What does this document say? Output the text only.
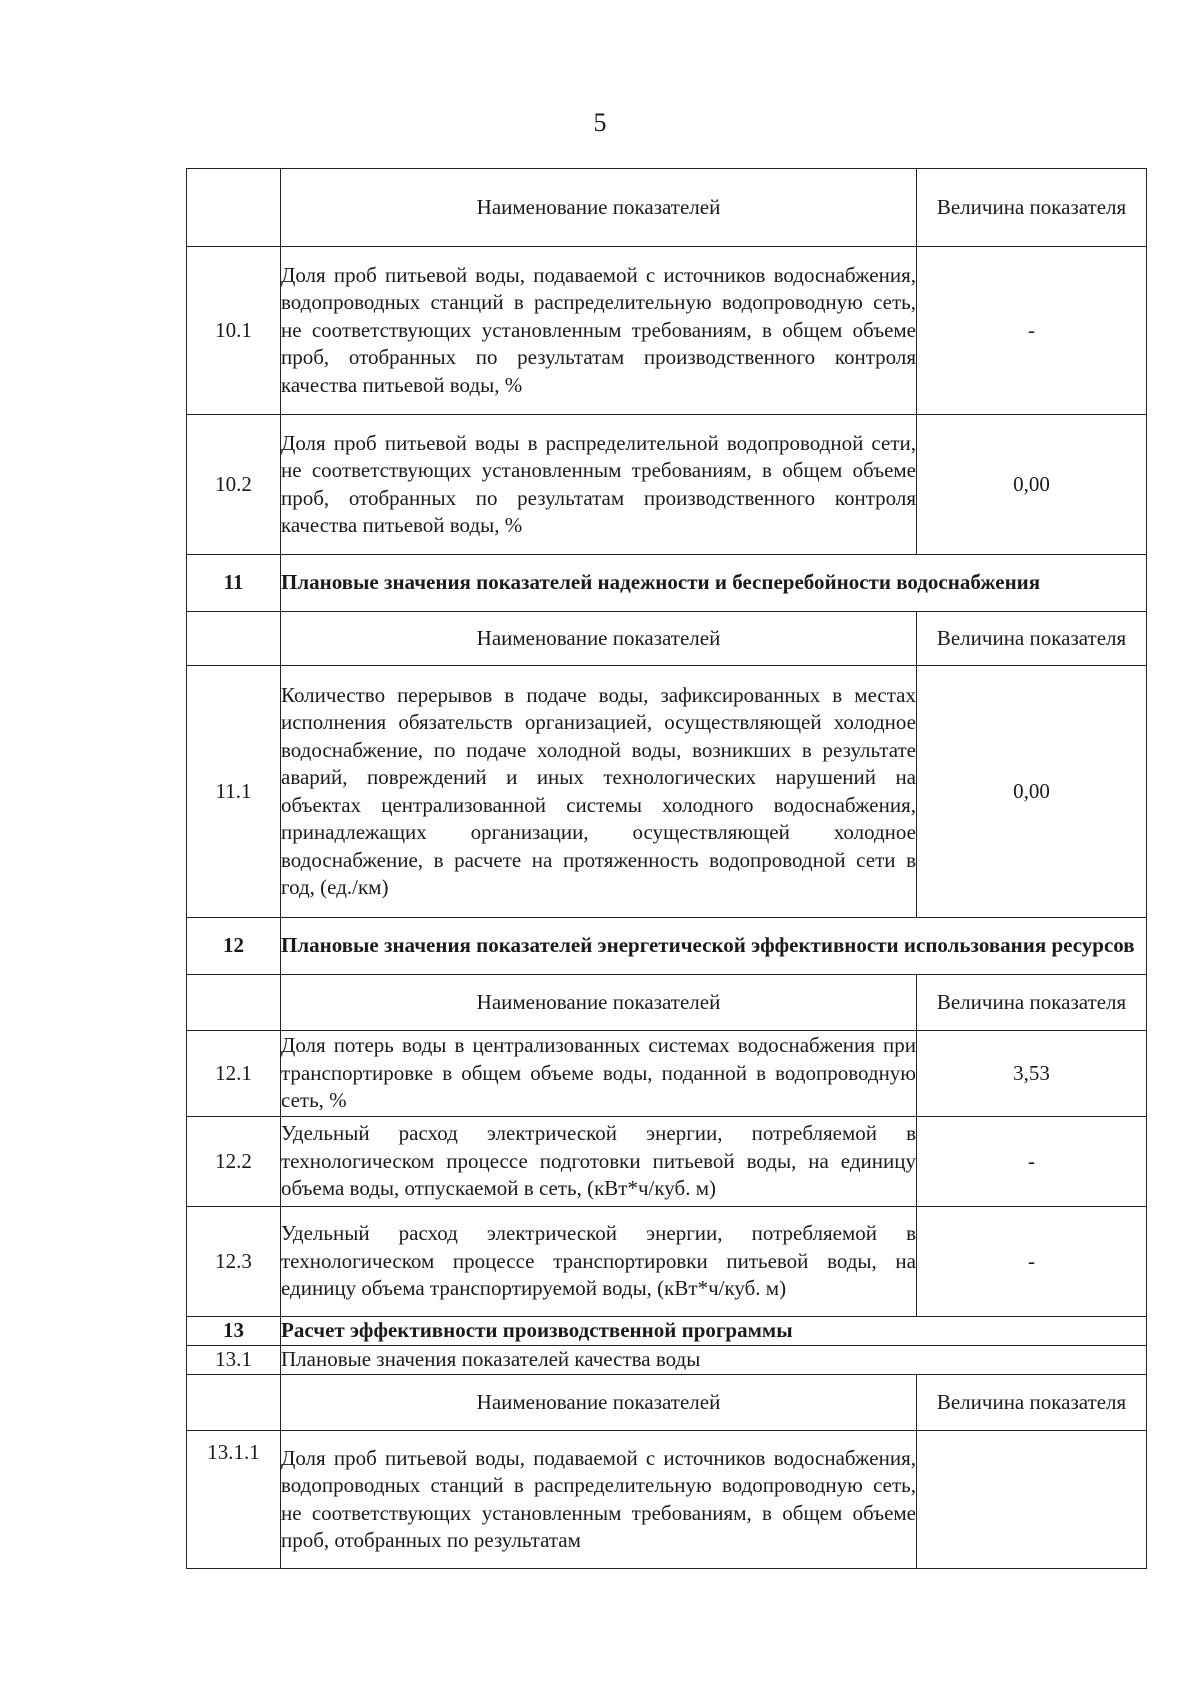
5
	Наименование показателей	Величина показателя
10.1	Доля проб питьевой воды, подаваемой с источников водоснабжения, водопроводных станций в распределительную водопроводную сеть, не соответствующих установленным требованиям, в общем объеме проб, отобранных по результатам производственного контроля качества питьевой воды, %	-
10.2	Доля проб питьевой воды в распределительной водопроводной сети, не соответствующих установленным требованиям, в общем объеме проб, отобранных по результатам производственного контроля качества питьевой воды, %	0,00
11	Плановые значения показателей надежности и бесперебойности водоснабжения	
	Наименование показателей	Величина показателя
11.1	Количество перерывов в подаче воды, зафиксированных в местах исполнения обязательств организацией, осуществляющей холодное водоснабжение, по подаче холодной воды, возникших в результате аварий, повреждений и иных технологических нарушений на объектах централизованной системы холодного водоснабжения, принадлежащих организации, осуществляющей холодное водоснабжение, в расчете на протяженность водопроводной сети в год, (ед./км)	0,00
12	Плановые значения показателей энергетической эффективности использования ресурсов	
	Наименование показателей	Величина показателя
12.1	Доля потерь воды в централизованных системах водоснабжения при транспортировке в общем объеме воды, поданной в водопроводную сеть, %	3,53
12.2	Удельный расход электрической энергии, потребляемой в технологическом процессе подготовки питьевой воды, на единицу объема воды, отпускаемой в сеть, (кВт*ч/куб. м)	-
12.3	Удельный расход электрической энергии, потребляемой в технологическом процессе транспортировки питьевой воды, на единицу объема транспортируемой воды, (кВт*ч/куб. м)	-
13	Расчет эффективности производственной программы	
13.1	Плановые значения показателей качества воды	
	Наименование показателей	Величина показателя
13.1.1	Доля проб питьевой воды, подаваемой с источников водоснабжения, водопроводных станций в распределительную водопроводную сеть, не соответствующих установленным требованиям, в общем объеме проб, отобранных по результатам	
